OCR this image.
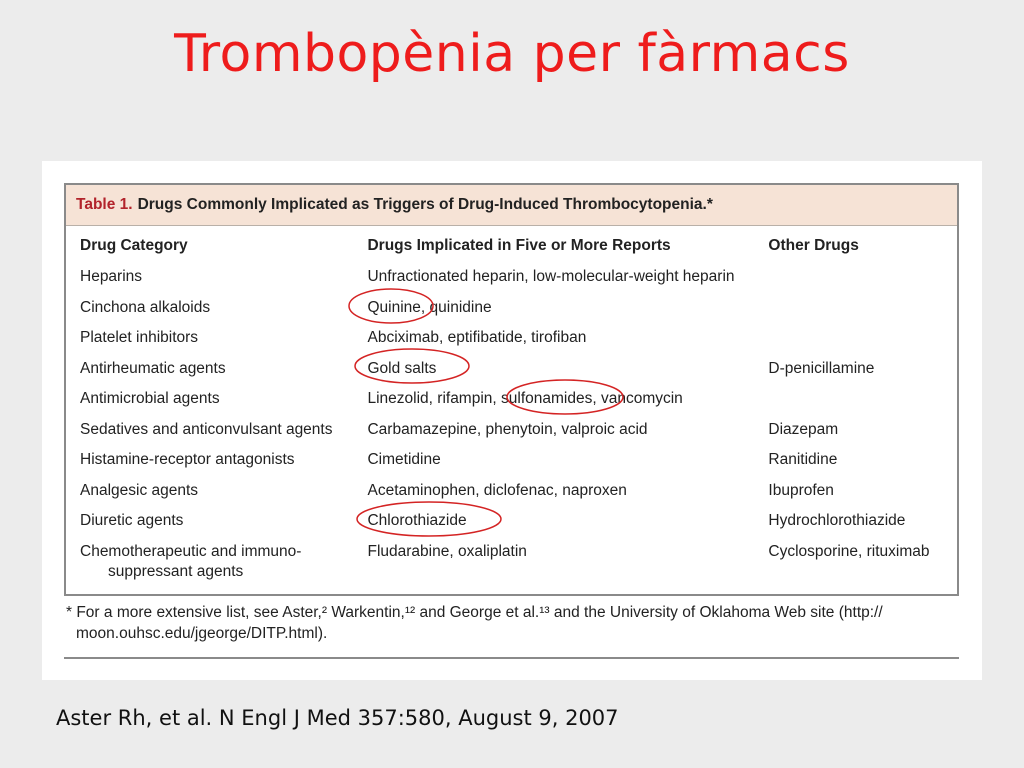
Trombopènia per fàrmacs
Table 1. Drugs Commonly Implicated as Triggers of Drug-Induced Thrombocytopenia.*
Drug Category	Drugs Implicated in Five or More Reports	Other Drugs
Heparins	Unfractionated heparin, low-molecular-weight heparin	
Cinchona alkaloids	Quinine, quinidine	
Platelet inhibitors	Abciximab, eptifibatide, tirofiban	
Antirheumatic agents	Gold salts	D-penicillamine
Antimicrobial agents	Linezolid, rifampin, sulfonamides, vancomycin	
Sedatives and anticonvulsant agents	Carbamazepine, phenytoin, valproic acid	Diazepam
Histamine-receptor antagonists	Cimetidine	Ranitidine
Analgesic agents	Acetaminophen, diclofenac, naproxen	Ibuprofen
Diuretic agents	Chlorothiazide	Hydrochlorothiazide
Chemotherapeutic and immuno-
suppressant agents	Fludarabine, oxaliplatin	Cyclosporine, rituximab
* For a more extensive list, see Aster,² Warkentin,¹² and George et al.¹³ and the University of Oklahoma Web site (http://
moon.ouhsc.edu/jgeorge/DITP.html).
Aster Rh, et al. N Engl J Med 357:580, August 9, 2007
